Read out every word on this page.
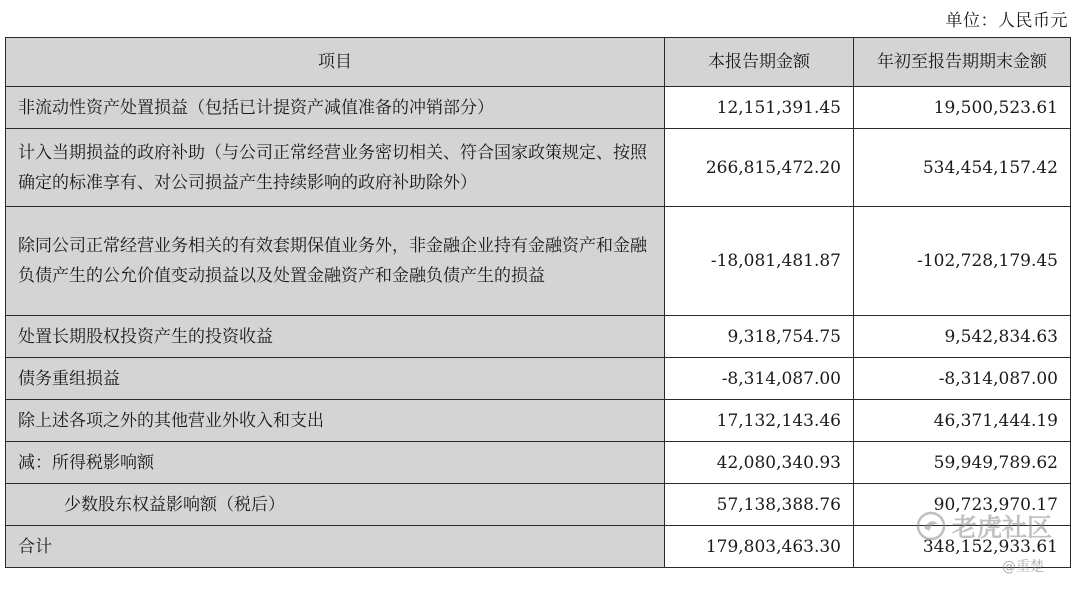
单位：人民币元
项目	本报告期金额	年初至报告期期末金额
非流动性资产处置损益（包括已计提资产减值准备的冲销部分）	12,151,391.45	19,500,523.61
计入当期损益的政府补助（与公司正常经营业务密切相关、符合国家政策规定、按照确定的标准享有、对公司损益产生持续影响的政府补助除外）	266,815,472.20	534,454,157.42
除同公司正常经营业务相关的有效套期保值业务外，非金融企业持有金融资产和金融负债产生的公允价值变动损益以及处置金融资产和金融负债产生的损益	-18,081,481.87	-102,728,179.45
处置长期股权投资产生的投资收益	9,318,754.75	9,542,834.63
债务重组损益	-8,314,087.00	-8,314,087.00
除上述各项之外的其他营业外收入和支出	17,132,143.46	46,371,444.19
减：所得税影响额	42,080,340.93	59,949,789.62
少数股东权益影响额（税后）	57,138,388.76	90,723,970.17
合计	179,803,463.30	348,152,933.61
老虎社区
@重楚
